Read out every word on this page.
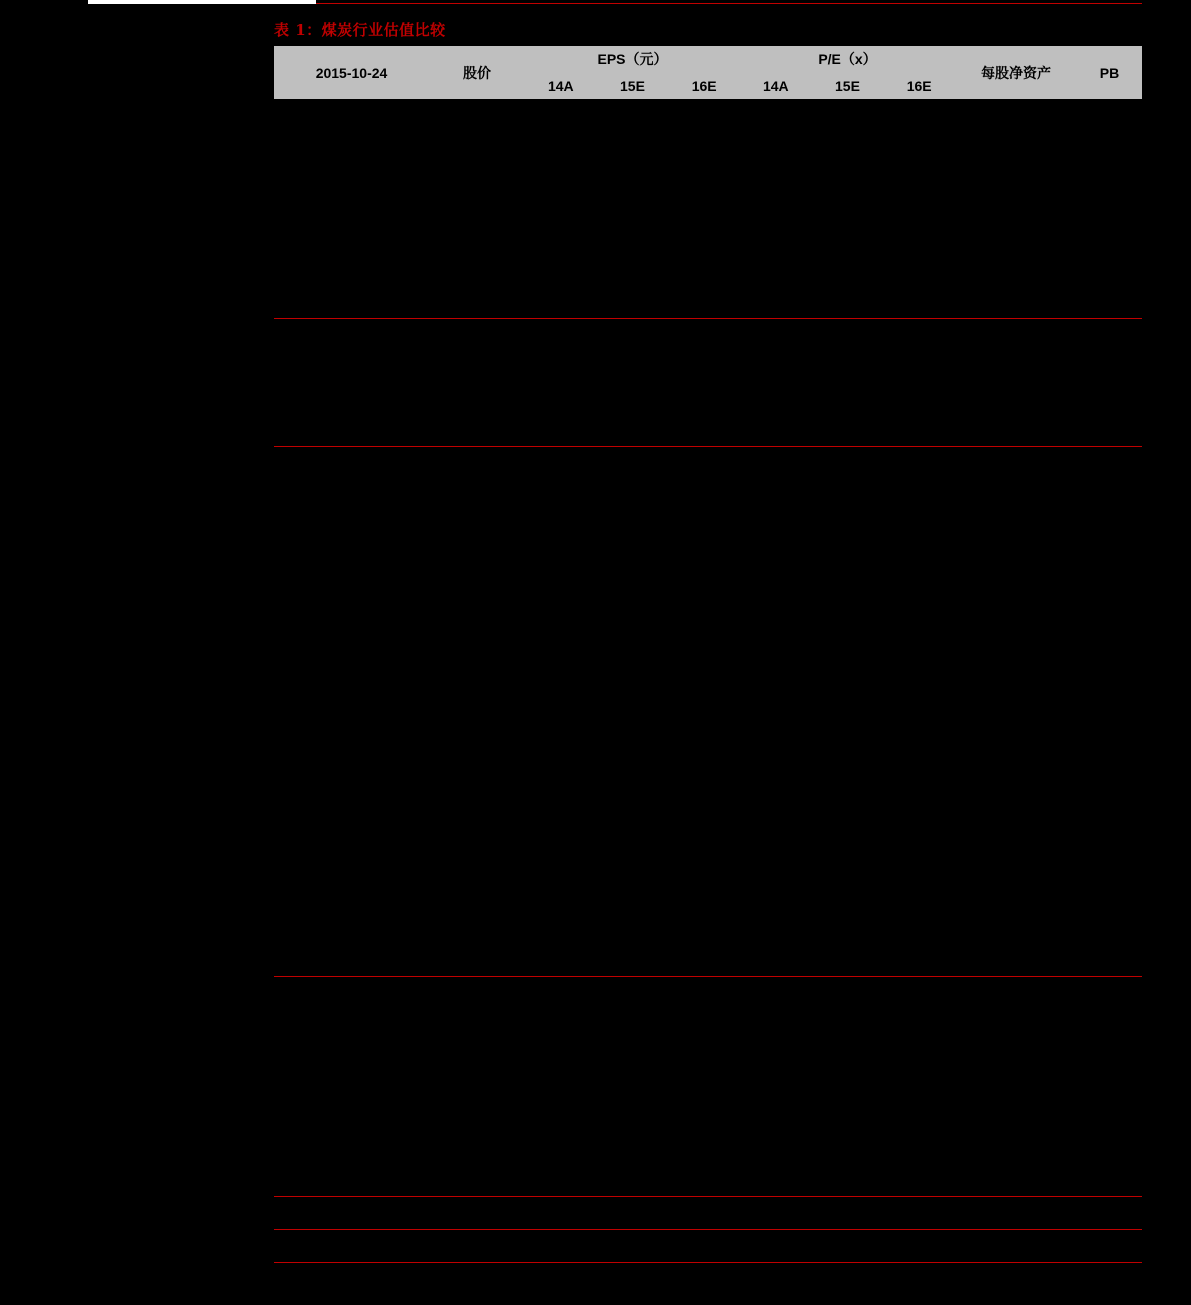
表 1：煤炭行业估值比较
2015-10-24	股价	EPS（元）			P/E（x）			每股净资产	PB
		14A	15E	16E	14A	15E	16E		
